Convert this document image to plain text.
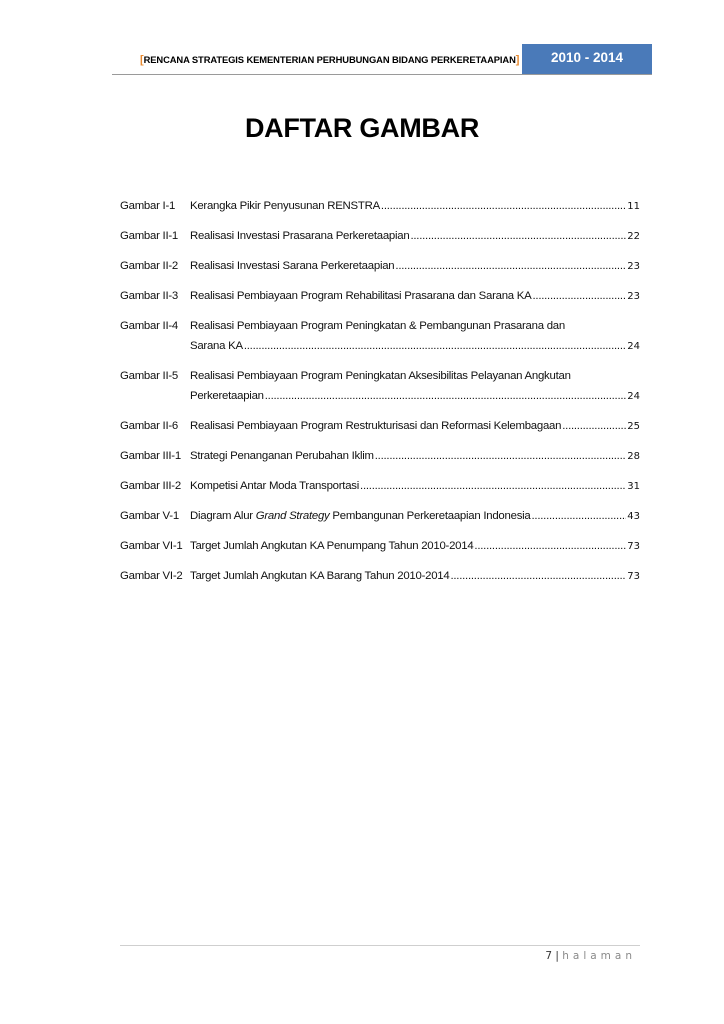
[RENCANA STRATEGIS KEMENTERIAN PERHUBUNGAN BIDANG PERKERETAAPIAN]	2010 - 2014
DAFTAR GAMBAR
Gambar I-1 Kerangka Pikir Penyusunan RENSTRA .....	11
Gambar II-1 Realisasi Investasi Prasarana Perkeretaapian .....	22
Gambar II-2 Realisasi Investasi Sarana Perkeretaapian .....	23
Gambar II-3 Realisasi Pembiayaan Program Rehabilitasi Prasarana dan Sarana KA .....	23
Gambar II-4 Realisasi Pembiayaan Program Peningkatan & Pembangunan Prasarana dan
Sarana KA .....	24
Gambar II-5 Realisasi Pembiayaan Program Peningkatan Aksesibilitas Pelayanan Angkutan
Perkeretaapian .....	24
Gambar II-6 Realisasi Pembiayaan Program Restrukturisasi dan Reformasi Kelembagaan .....	25
Gambar III-1 Strategi Penanganan Perubahan Iklim .....	28
Gambar III-2 Kompetisi Antar Moda Transportasi .....	31
Gambar V-1 Diagram Alur Grand Strategy Pembangunan Perkeretaapian Indonesia .....	43
Gambar VI-1 Target Jumlah Angkutan KA Penumpang Tahun 2010-2014 .....	73
Gambar VI-2 Target Jumlah Angkutan KA Barang Tahun 2010-2014 .....	73
7 | halaman
